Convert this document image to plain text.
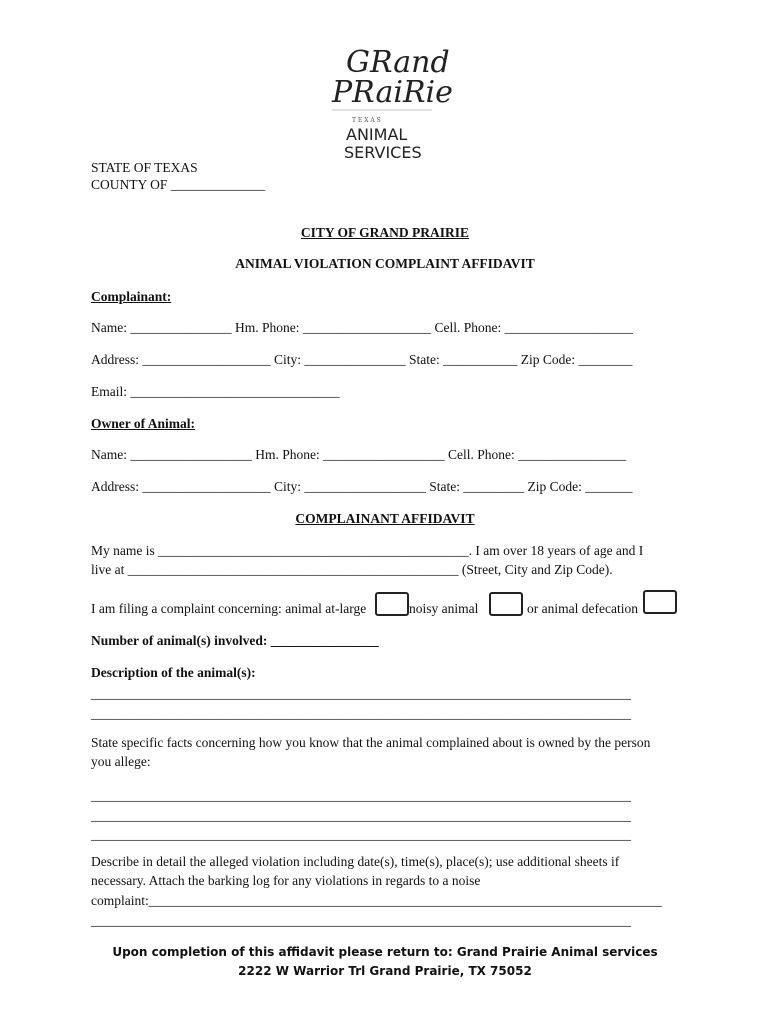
GRand
PRaiRie
T E X A S
ANIMAL
SERVICES
STATE OF TEXAS
COUNTY OF ______________
CITY OF GRAND PRAIRIE
ANIMAL VIOLATION COMPLAINT AFFIDAVIT
Complainant:
Name: _______________ Hm. Phone: ___________________ Cell. Phone: ___________________
Address: ___________________ City: _______________ State: ___________ Zip Code: ________
Email: _______________________________
Owner of Animal:
Name: __________________ Hm. Phone: __________________ Cell. Phone: ________________
Address: ___________________ City: __________________ State: _________ Zip Code: _______
COMPLAINANT AFFIDAVIT
My name is ______________________________________________. I am over 18 years of age and I
live at _________________________________________________ (Street, City and Zip Code).
I am filing a complaint concerning: animal at-large	noisy animal	or animal defecation
Number of animal(s) involved: ________________
Description of the animal(s):
________________________________________________________________________________
________________________________________________________________________________
State specific facts concerning how you know that the animal complained about is owned by the person
you allege:
________________________________________________________________________________
________________________________________________________________________________
________________________________________________________________________________
Describe in detail the alleged violation including date(s), time(s), place(s); use additional sheets if
necessary. Attach the barking log for any violations in regards to a noise
complaint:____________________________________________________________________________
________________________________________________________________________________
Upon completion of this affidavit please return to: Grand Prairie Animal services
2222 W Warrior Trl Grand Prairie, TX 75052
